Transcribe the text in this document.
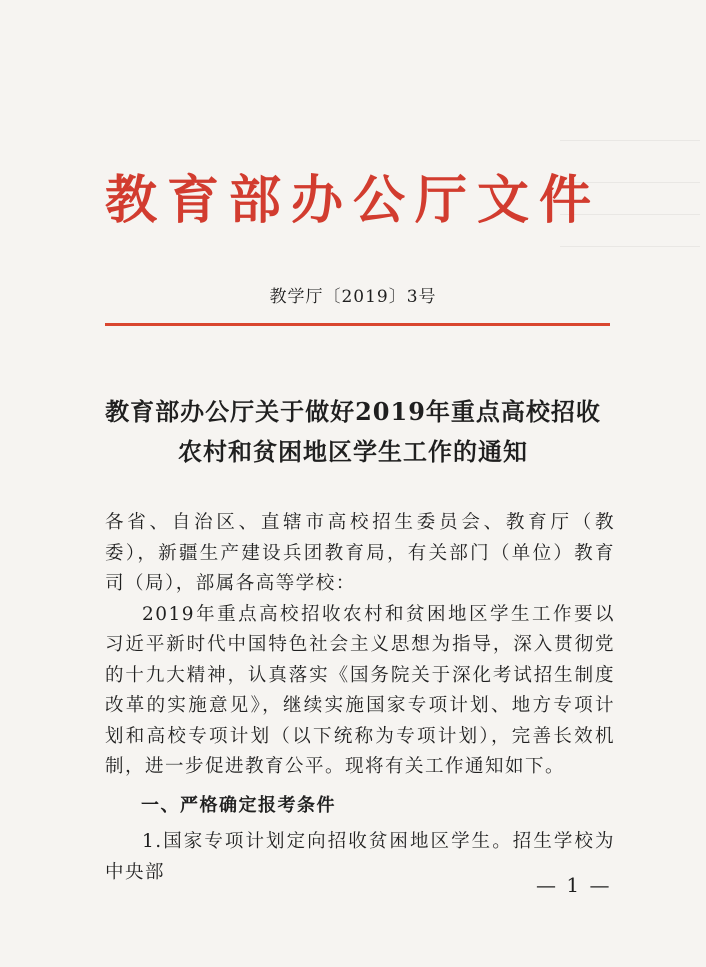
教育部办公厅文件
教学厅〔2019〕3号
教育部办公厅关于做好2019年重点高校招收
农村和贫困地区学生工作的通知

各省、自治区、直辖市高校招生委员会、教育厅（教委），新疆生产建设兵团教育局，有关部门（单位）教育司（局），部属各高等学校：

2019年重点高校招收农村和贫困地区学生工作要以习近平新时代中国特色社会主义思想为指导，深入贯彻党的十九大精神，认真落实《国务院关于深化考试招生制度改革的实施意见》，继续实施国家专项计划、地方专项计划和高校专项计划（以下统称为专项计划），完善长效机制，进一步促进教育公平。现将有关工作通知如下。

一、严格确定报考条件

1.国家专项计划定向招收贫困地区学生。招生学校为中央部

— 1 —
